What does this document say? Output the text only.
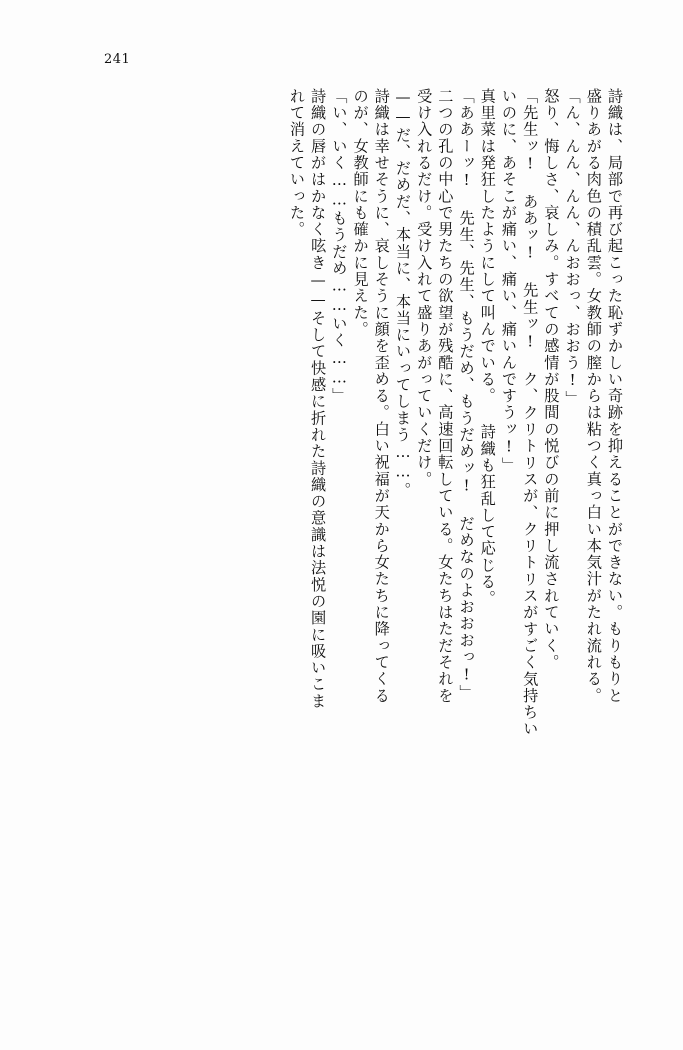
241
詩織は、局部で再び起こった恥ずかしい奇跡を抑えることができない。もりもりと
盛りあがる肉色の積乱雲。女教師の膣からは粘つく真っ白い本気汁がたれ流れる。
「ん、んん、んん、んおおっ、おおう!」
怒り、悔しさ、哀しみ。すべての感情が股間の悦びの前に押し流されていく。
「先生ッ! ああッ! 先生ッ! ク、クリトリスが、クリトリスがすごく気持ちい
いのに、あそこが痛い、痛い、痛いんですうッ!」
真里菜は発狂したようにして叫んでいる。 詩織も狂乱して応じる。
「ああーッ! 先生、先生、もうだめ、もうだめッ! だめなのよおおおっ!」
二つの孔の中心で男たちの欲望が残酷に、高速回転している。女たちはただそれを
受け入れるだけ。受け入れて盛りあがっていくだけ。
——だ、だめだ、本当に、本当にいってしまう……。
詩織は幸せそうに、哀しそうに顔を歪める。白い祝福が天から女たちに降ってくる
のが、女教師にも確かに見えた。
「い、いく……もうだめ……いく……」
詩織の唇がはかなく呟き——そして快感に折れた詩織の意識は法悦の園に吸いこま
れて消えていった。
